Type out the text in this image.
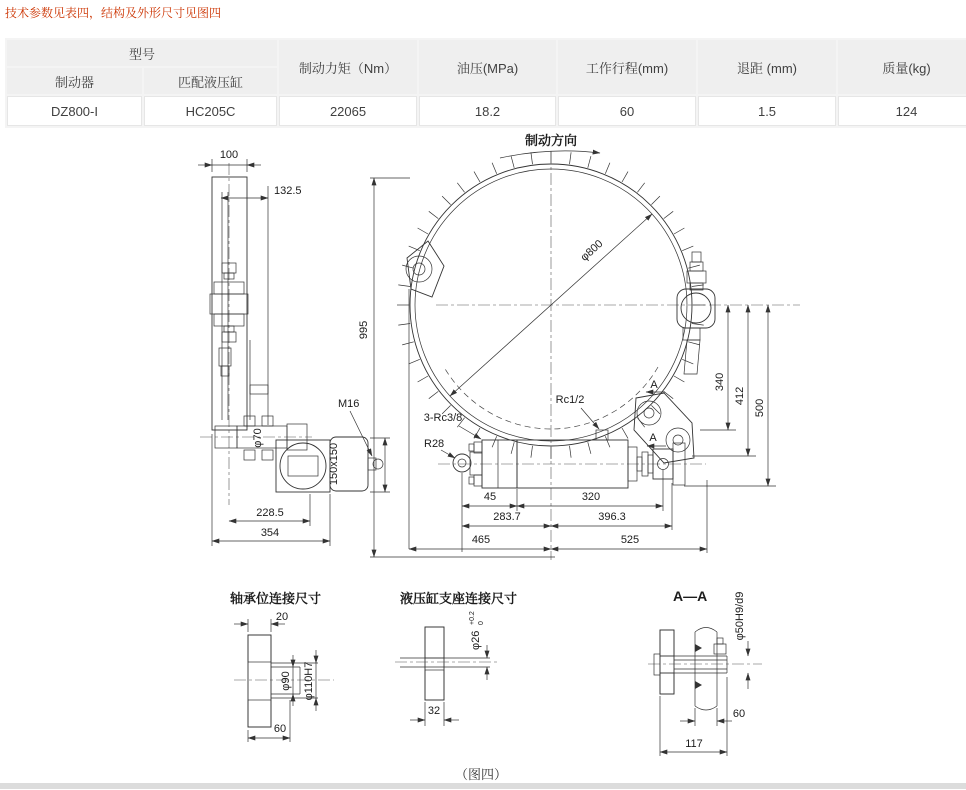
技术参数见表四，结构及外形尺寸见图四
型号		制动力矩（Nm）	油压(MPa)	工作行程(mm)	退距 (mm)	质量(kg)
制动器	匹配液压缸					
DZ800-I	HC205C	22065	18.2	60	1.5	124
100
132.5
φ70
150x150
M16
228.5
354
φ800
制动方向
A
A
340
412
500
995
3-Rc3/8
R28
Rc1/2
45	320
283.7	396.3
465	525
轴承位连接尺寸
20
φ90 φ110H7
60
液压缸支座连接尺寸
φ26
+0.2 0
32
A—A φ50H9/d9
60
117
（图四）
